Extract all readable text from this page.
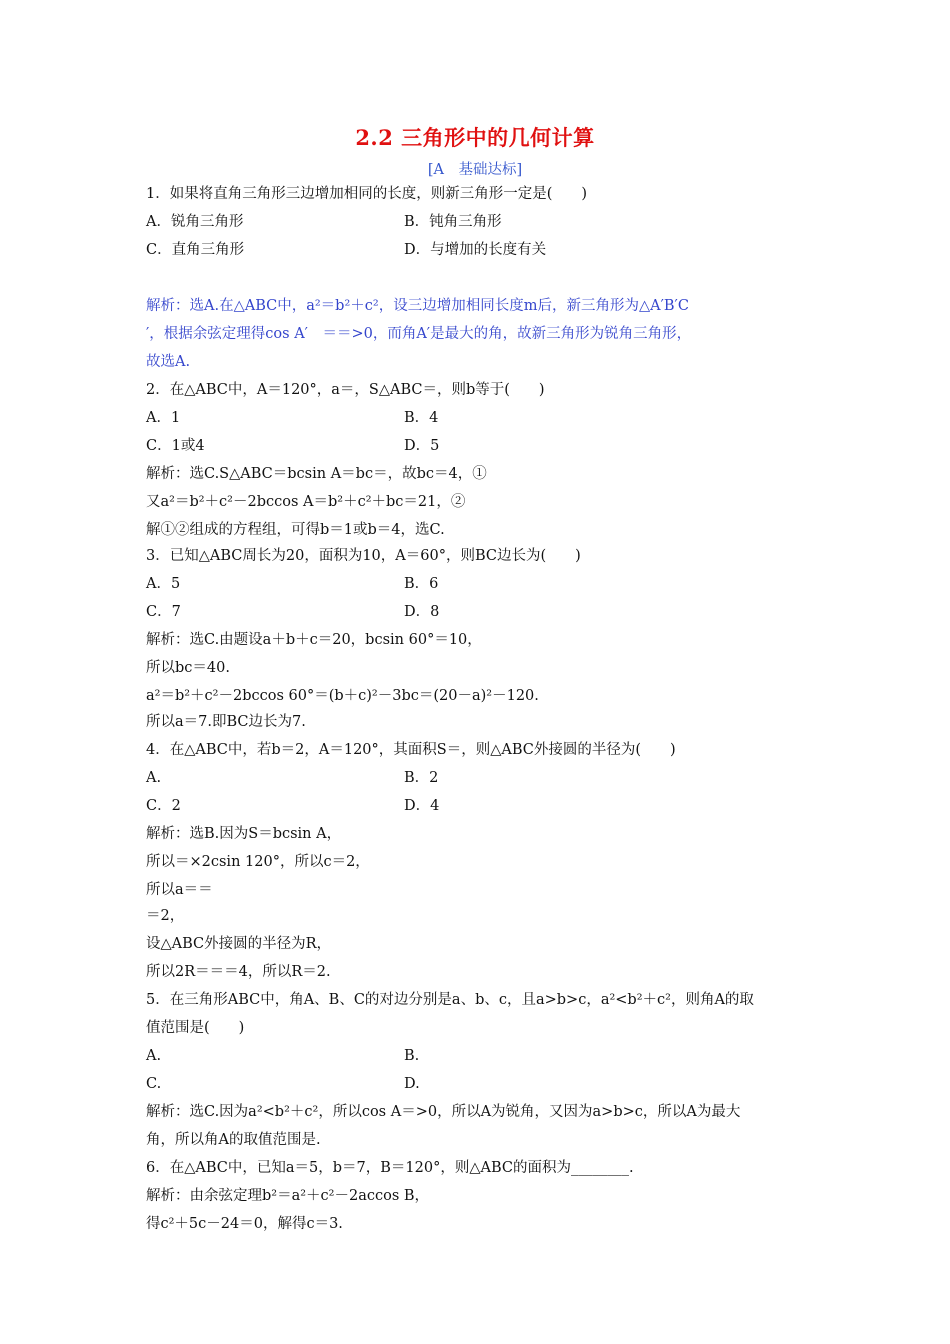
2.2 三角形中的几何计算
[A　基础达标]
1．如果将直角三角形三边增加相同的长度，则新三角形一定是(　　)
解析：选A.在△ABC中，a²＝b²＋c²，设三边增加相同长度m后，新三角形为△A′B′C
′，根据余弦定理得cos A′　＝＝>0，而角A′是最大的角，故新三角形为锐角三角形，
故选A.
2．在△ABC中，A＝120°，a＝，S△ABC＝，则b等于(　　)
解析：选C.S△ABC＝bcsin A＝bc＝，故bc＝4，①
又a²＝b²＋c²－2bccos A＝b²＋c²＋bc＝21，②
解①②组成的方程组，可得b＝1或b＝4，选C.
3．已知△ABC周长为20，面积为10，A＝60°，则BC边长为(　　)
解析：选C.由题设a＋b＋c＝20，bcsin 60°＝10，
所以bc＝40.
a²＝b²＋c²－2bccos 60°＝(b＋c)²－3bc＝(20－a)²－120.
所以a＝7.即BC边长为7.
4．在△ABC中，若b＝2，A＝120°，其面积S＝，则△ABC外接圆的半径为(　　)
解析：选B.因为S＝bcsin A，
所以＝×2csin 120°，所以c＝2，
所以a＝＝
＝2，
设△ABC外接圆的半径为R，
所以2R＝＝＝4，所以R＝2.
5．在三角形ABC中，角A、B、C的对边分别是a、b、c，且a>b>c，a²<b²＋c²，则角A的取
值范围是(　　)
解析：选C.因为a²<b²＋c²，所以cos A＝>0，所以A为锐角，又因为a>b>c，所以A为最大
角，所以角A的取值范围是.
6．在△ABC中，已知a＝5，b＝7，B＝120°，则△ABC的面积为________.
解析：由余弦定理b²＝a²＋c²－2accos B，
得c²＋5c－24＝0，解得c＝3.
A．锐角三角形	B．钝角三角形
C．直角三角形	D．与增加的长度有关
A．1	B．4
C．1或4	D．5
A．5	B．6
C．7	D．8
A.	B．2
C．2	D．4
A.	B.
C.	D.
